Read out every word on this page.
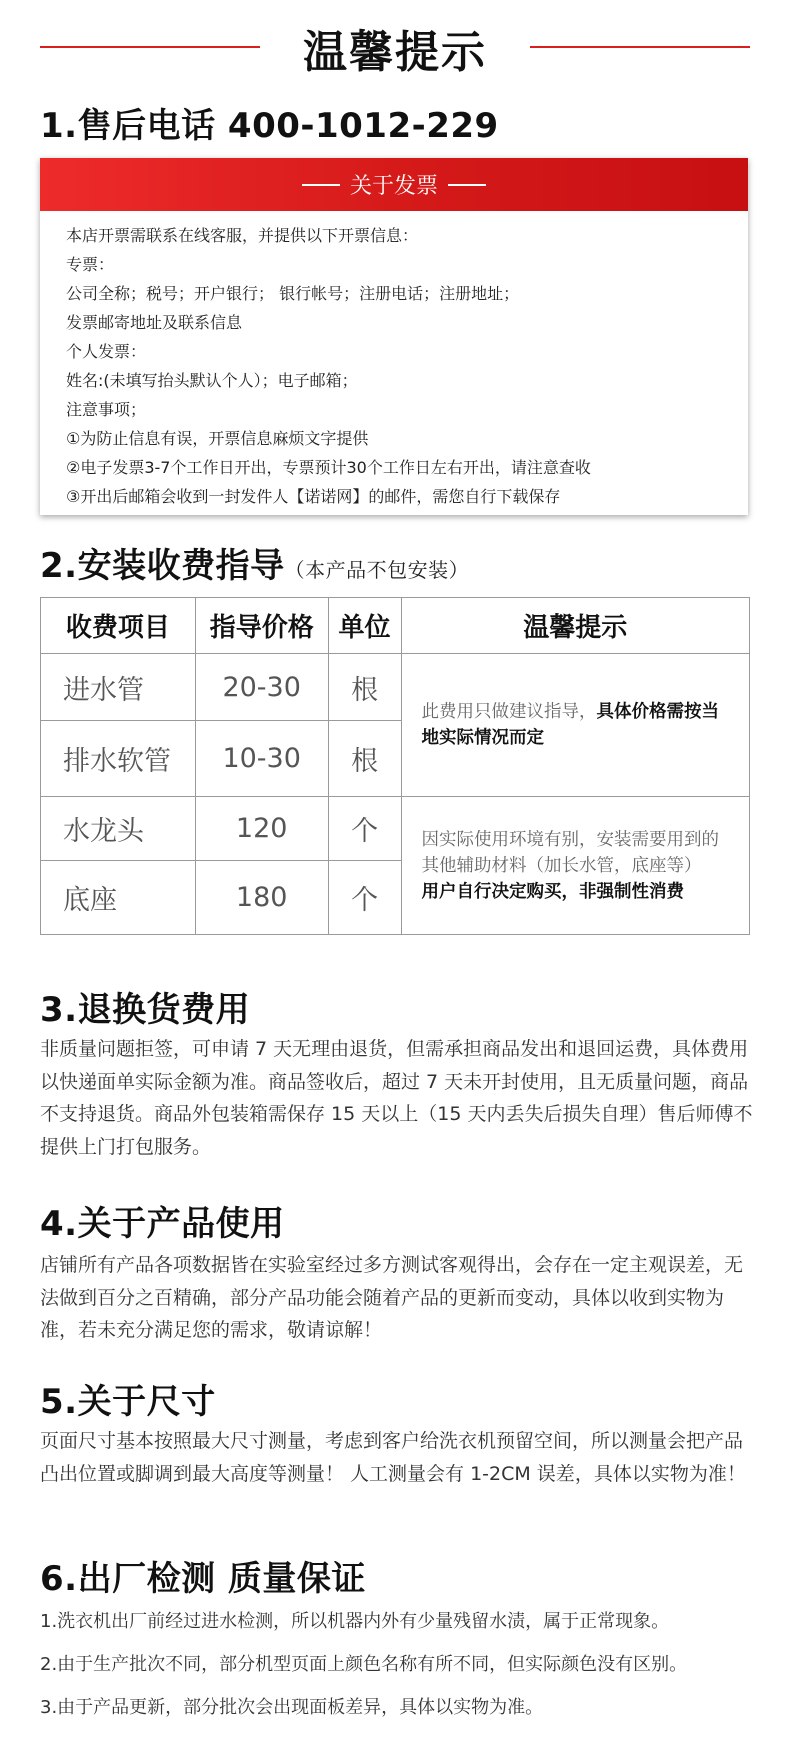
温馨提示
1.售后电话 400-1012-229
关于发票
本店开票需联系在线客服，并提供以下开票信息：
专票：
公司全称；税号；开户银行； 银行帐号；注册电话；注册地址；
发票邮寄地址及联系信息
个人发票：
姓名:(未填写抬头默认个人）；电子邮箱；
注意事项；
①为防止信息有误，开票信息麻烦文字提供
②电子发票3-7个工作日开出，专票预计30个工作日左右开出，请注意查收
③开出后邮箱会收到一封发件人【诺诺网】的邮件，需您自行下载保存
2.安装收费指导（本产品不包安装）
收费项目	指导价格	单位	温馨提示
进水管	20-30	根	此费用只做建议指导，具体价格需按当地实际情况而定
排水软管	10-30	根	
水龙头	120	个	因实际使用环境有别，安装需要用到的其他辅助材料（加长水管，底座等）
用户自行决定购买，非强制性消费
底座	180	个	
3.退换货费用
非质量问题拒签，可申请 7 天无理由退货，但需承担商品发出和退回运费，具体费用以快递面单实际金额为准。商品签收后，超过 7 天未开封使用，且无质量问题，商品不支持退货。商品外包装箱需保存 15 天以上（15 天内丢失后损失自理）售后师傅不提供上门打包服务。
4.关于产品使用
店铺所有产品各项数据皆在实验室经过多方测试客观得出，会存在一定主观误差，无法做到百分之百精确，部分产品功能会随着产品的更新而变动，具体以收到实物为准，若未充分满足您的需求，敬请谅解！
5.关于尺寸
页面尺寸基本按照最大尺寸测量，考虑到客户给洗衣机预留空间，所以测量会把产品凸出位置或脚调到最大高度等测量！ 人工测量会有 1-2CM 误差，具体以实物为准！
6.出厂检测 质量保证
1.洗衣机出厂前经过进水检测，所以机器内外有少量残留水渍，属于正常现象。
2.由于生产批次不同，部分机型页面上颜色名称有所不同，但实际颜色没有区别。
3.由于产品更新，部分批次会出现面板差异，具体以实物为准。
